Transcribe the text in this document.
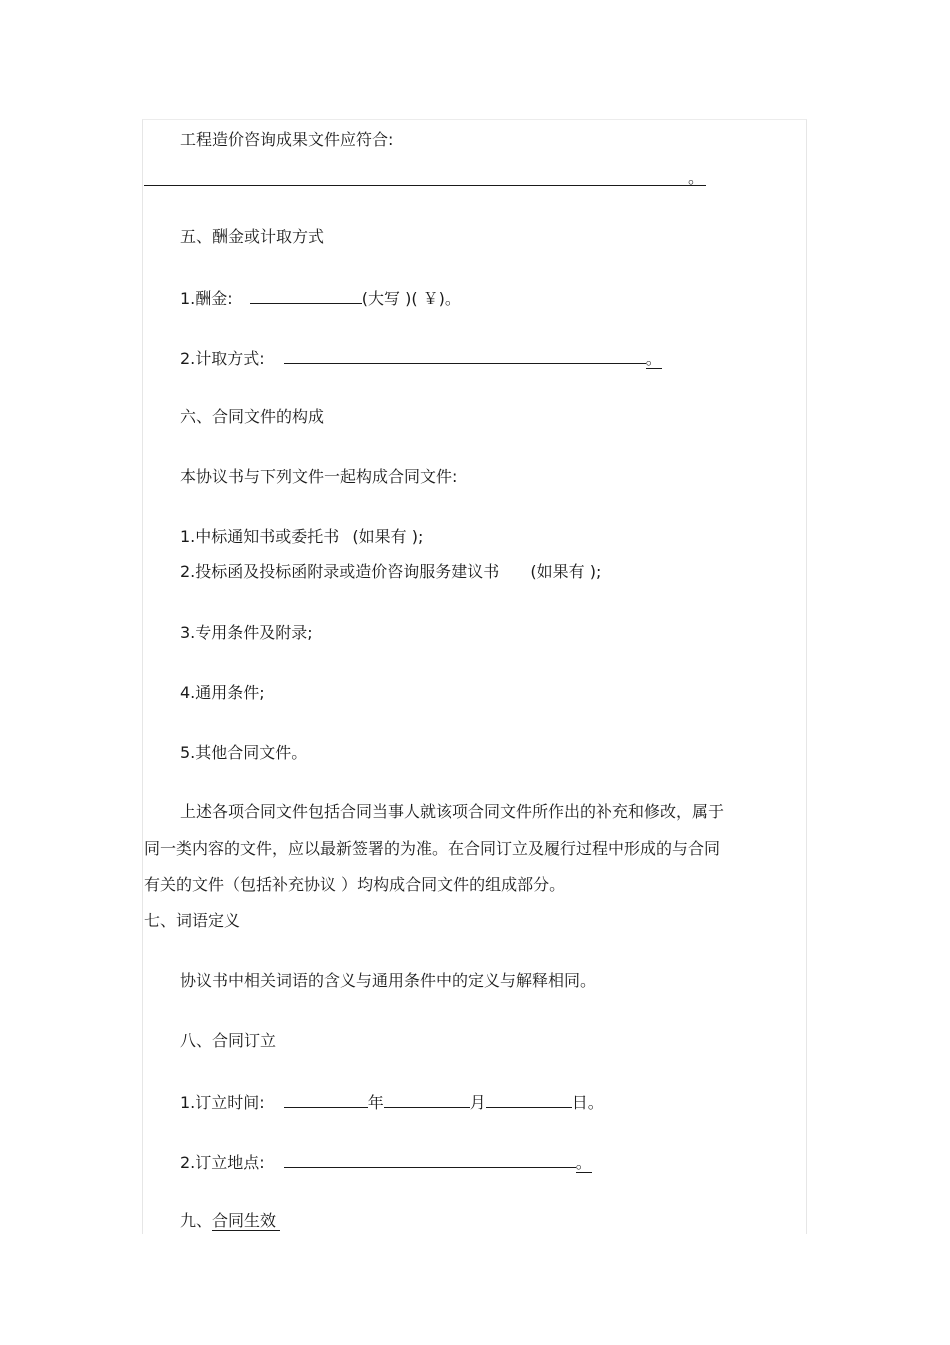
工程造价咨询成果文件应符合:
。
五、酬金或计取方式
1.酬金:	(大写 )( ￥)。
2.计取方式:	。
六、合同文件的构成
本协议书与下列文件一起构成合同文件:
1.中标通知书或委托书 (如果有 );
2.投标函及投标函附录或造价咨询服务建议书 (如果有 );
3.专用条件及附录;
4.通用条件;
5.其他合同文件。
上述各项合同文件包括合同当事人就该项合同文件所作出的补充和修改，属于
同一类内容的文件，应以最新签署的为准。在合同订立及履行过程中形成的与合同
有关的文件（包括补充协议 ）均构成合同文件的组成部分。
七、词语定义
协议书中相关词语的含义与通用条件中的定义与解释相同。
八、合同订立
1.订立时间:	年	月	日。
2.订立地点:	。
九、合同生效
